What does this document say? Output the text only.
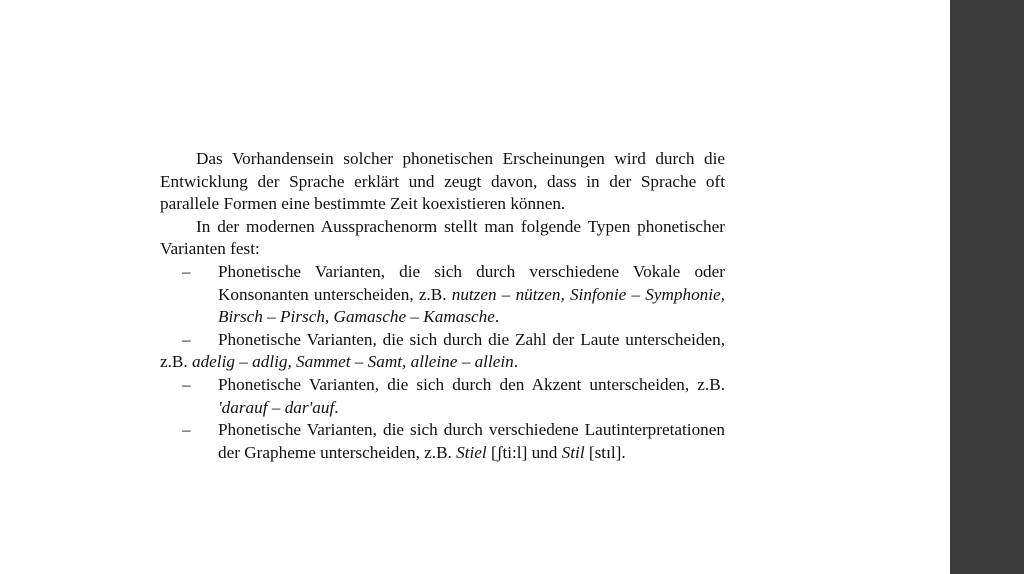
Das Vorhandensein solcher phonetischen Erscheinungen wird durch die Entwicklung der Sprache erklärt und zeugt davon, dass in der Sprache oft parallele Formen eine bestimmte Zeit koexistieren können.

In der modernen Aussprachenorm stellt man folgende Typen phonetischer Varianten fest:

– Phonetische Varianten, die sich durch verschiedene Vokale oder Konsonanten unterscheiden, z.B. nutzen – nützen, Sinfonie – Symphonie, Birsch – Pirsch, Gamasche – Kamasche.
– Phonetische Varianten, die sich durch die Zahl der Laute unterscheiden, z.B. adelig – adlig, Sammet – Samt, alleine – allein.
– Phonetische Varianten, die sich durch den Akzent unterscheiden, z.B. 'darauf – dar'auf.
– Phonetische Varianten, die sich durch verschiedene Lautinterpretationen der Grapheme unterscheiden, z.B. Stiel [ʃti:l] und Stil [stɪl].
